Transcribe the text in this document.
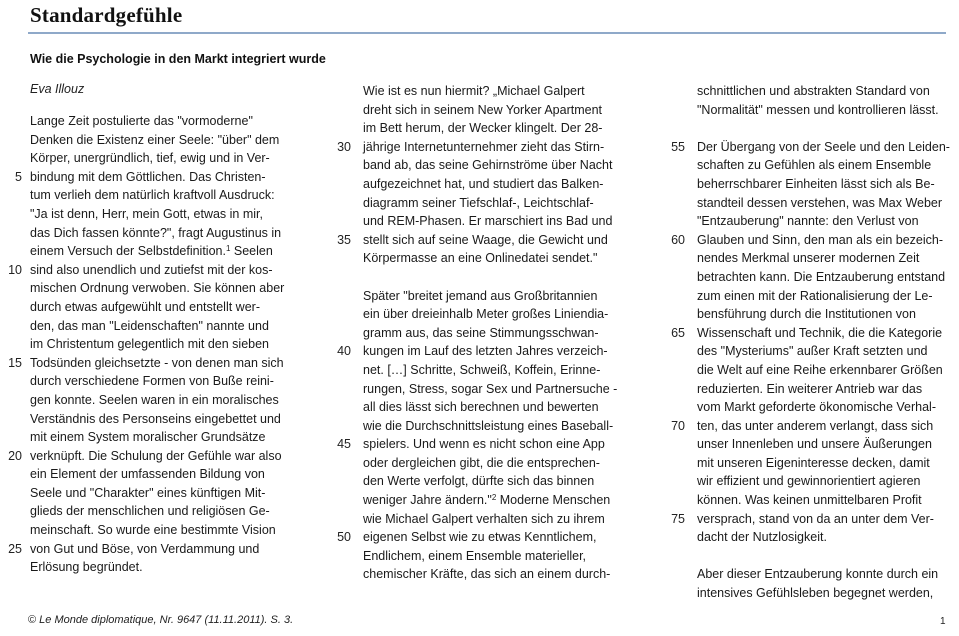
Standardgefühle
Wie die Psychologie in den Markt integriert wurde
Eva Illouz
Lange Zeit postulierte das "vormoderne"
Denken die Existenz einer Seele: "über" dem
Körper, unergründlich, tief, ewig und in Ver-
5 bindung mit dem Göttlichen. Das Christen-
tum verlieh dem natürlich kraftvoll Ausdruck:
"Ja ist denn, Herr, mein Gott, etwas in mir,
das Dich fassen könnte?", fragt Augustinus in
einem Versuch der Selbstdefinition.$^1$ Seelen
10 sind also unendlich und zutiefst mit der kos-
mischen Ordnung verwoben. Sie können aber
durch etwas aufgewühlt und entstellt wer-
den, das man "Leidenschaften" nannte und
im Christentum gelegentlich mit den sieben
15 Todsünden gleichsetzte - von denen man sich
durch verschiedene Formen von Buße reini-
gen konnte. Seelen waren in ein moralisches
Verständnis des Personseins eingebettet und
mit einem System moralischer Grundsätze
20 verknüpft. Die Schulung der Gefühle war also
ein Element der umfassenden Bildung von
Seele und "Charakter" eines künftigen Mit-
glieds der menschlichen und religiösen Ge-
meinschaft. So wurde eine bestimmte Vision
25 von Gut und Böse, von Verdammung und
Erlösung begründet.
Wie ist es nun hiermit? „Michael Galpert
dreht sich in seinem New Yorker Apartment
im Bett herum, der Wecker klingelt. Der 28-
30 jährige Internetunternehmer zieht das Stirn-
band ab, das seine Gehirnströme über Nacht
aufgezeichnet hat, und studiert das Balken-
diagramm seiner Tiefschlaf-, Leichtschlaf-
und REM-Phasen. Er marschiert ins Bad und
35 stellt sich auf seine Waage, die Gewicht und
Körpermasse an eine Onlinedatei sendet."
Später "breitet jemand aus Großbritannien
ein über dreieinhalb Meter großes Liniendia-
gramm aus, das seine Stimmungsschwan-
40 kungen im Lauf des letzten Jahres verzeich-
net. […] Schritte, Schweiß, Koffein, Erinne-
rungen, Stress, sogar Sex und Partnersuche -
all dies lässt sich berechnen und bewerten
wie die Durchschnittsleistung eines Baseball-
45 spielers. Und wenn es nicht schon eine App
oder dergleichen gibt, die die entsprechen-
den Werte verfolgt, dürfte sich das binnen
weniger Jahre ändern."$^2$ Moderne Menschen
wie Michael Galpert verhalten sich zu ihrem
50 eigenen Selbst wie zu etwas Kenntlichem,
Endlichem, einem Ensemble materieller,
chemischer Kräfte, das sich an einem durch-
schnittlichen und abstrakten Standard von
"Normalität" messen und kontrollieren lässt.
55 Der Übergang von der Seele und den Leiden-
schaften zu Gefühlen als einem Ensemble
beherrschbarer Einheiten lässt sich als Be-
standteil dessen verstehen, was Max Weber
"Entzauberung" nannte: den Verlust von
60 Glauben und Sinn, den man als ein bezeich-
nendes Merkmal unserer modernen Zeit
betrachten kann. Die Entzauberung entstand
zum einen mit der Rationalisierung der Le-
bensführung durch die Institutionen von
65 Wissenschaft und Technik, die die Kategorie
des "Mysteriums" außer Kraft setzten und
die Welt auf eine Reihe erkennbarer Größen
reduzierten. Ein weiterer Antrieb war das
vom Markt geforderte ökonomische Verhal-
70 ten, das unter anderem verlangt, dass sich
unser Innenleben und unsere Äußerungen
mit unseren Eigeninteresse decken, damit
wir effizient und gewinnorientiert agieren
können. Was keinen unmittelbaren Profit
75 versprach, stand von da an unter dem Ver-
dacht der Nutzlosigkeit.
Aber dieser Entzauberung konnte durch ein
intensives Gefühlsleben begegnet werden,
© Le Monde diplomatique, Nr. 9647 (11.11.2011). S. 3.	1
